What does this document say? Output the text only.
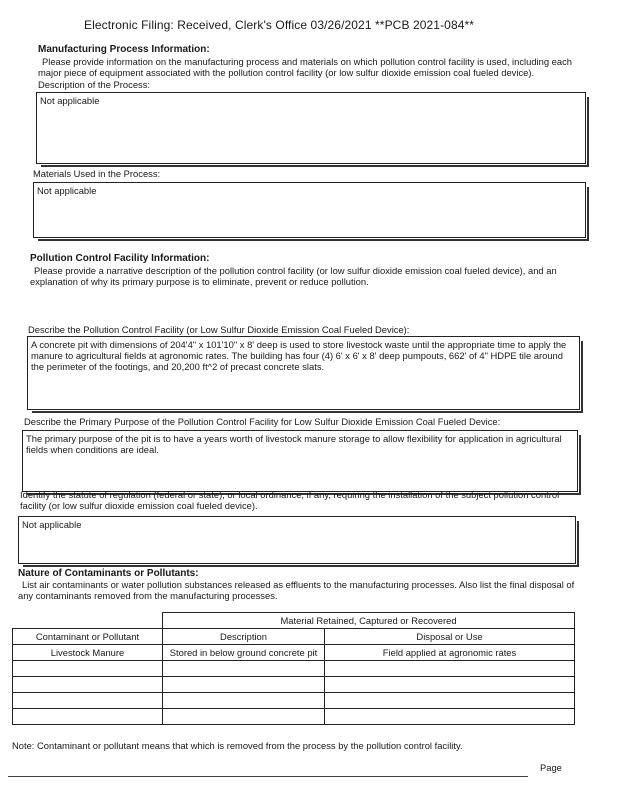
Electronic Filing: Received, Clerk's Office 03/26/2021 **PCB 2021-084**
Manufacturing Process Information:
Please provide information on the manufacturing process and materials on which pollution control facility is used, including each major piece of equipment associated with the pollution control facility (or low sulfur dioxide emission coal fueled device).
Description of the Process:
Not applicable
Materials Used in the Process:
Not applicable
Pollution Control Facility Information:
Please provide a narrative description of the pollution control facility (or low sulfur dioxide emission coal fueled device), and an explanation of why its primary purpose is to eliminate, prevent or reduce pollution.
Describe the Pollution Control Facility (or Low Sulfur Dioxide Emission Coal Fueled Device):
A concrete pit with dimensions of 204'4" x 101'10" x 8' deep is used to store livestock waste until the appropriate time to apply the manure to agricultural fields at agronomic rates. The building has four (4) 6' x 6' x 8' deep pumpouts, 662' of 4" HDPE tile around the perimeter of the footings, and 20,200 ft^2 of precast concrete slats.
Describe the Primary Purpose of the Pollution Control Facility for Low Sulfur Dioxide Emission Coal Fueled Device:
The primary purpose of the pit is to have a years worth of livestock manure storage to allow flexibility for application in agricultural fields when conditions are ideal.
Identify the statute of regulation (federal or state), or local ordinance, if any, requiring the installation of the subject pollution control facility (or low sulfur dioxide emission coal fueled device).
Not applicable
Nature of Contaminants or Pollutants:
List air contaminants or water pollution substances released as effluents to the manufacturing processes. Also list the final disposal of any contaminants removed from the manufacturing processes.
	Material Retained, Captured or Recovered	
Contaminant or Pollutant	Description	Disposal or Use
Livestock Manure	Stored in below ground concrete pit	Field applied at agronomic rates

Note: Contaminant or pollutant means that which is removed from the process by the pollution control facility.
Page
